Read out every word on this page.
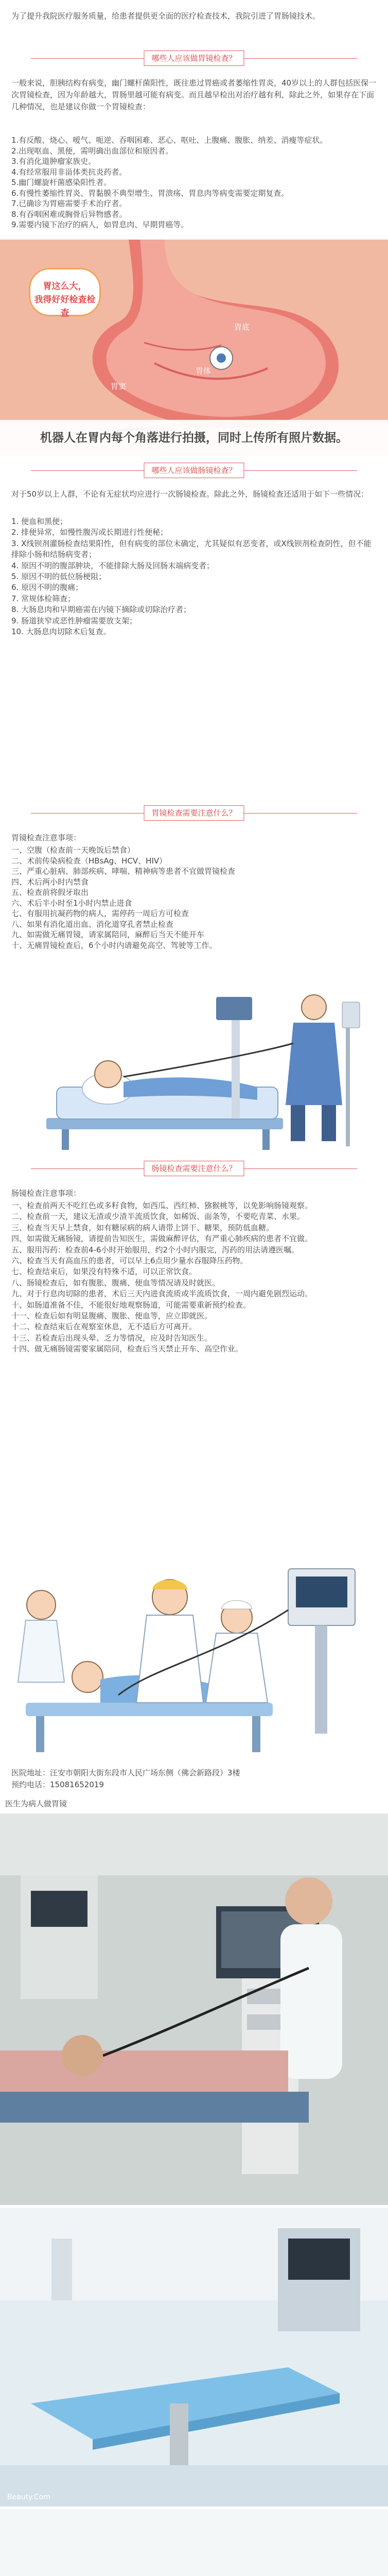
为了提升我院医疗服务质量，给患者提供更全面的医疗检查技术，我院引进了胃肠镜技术。

哪些人应该做胃镜检查？

一般来说，胆胰结构有病变，幽门螺杆菌阳性，既往患过胃癌或者萎缩性胃炎，40岁以上的人群包括医保一次胃镜检查，因为年龄越大，胃肠里越可能有病变。而且越早检出对治疗越有利，除此之外，如果存在下面几种情况，也是建议你做一个胃镜检查：

1.有反酸、烧心、嗳气、呃逆、吞咽困难、恶心、呕吐、上腹痛、腹胀、纳差、消瘦等症状。
2.出现呕血、黑便，需明确出血部位和原因者。
3.有消化道肿瘤家族史。
4.有经常服用非甾体类抗炎药者。
5.幽门螺旋杆菌感染阳性者。
6.有慢性萎缩性胃炎、胃黏膜不典型增生、胃溃疡、胃息肉等病变需要定期复查。
7.已确诊为胃癌需要手术治疗者。
8.有吞咽困难或胸骨后异物感者。
9.需要内镜下治疗的病人，如胃息肉、早期胃癌等。
胃底
胃窦
胃体
胃这么大，
我得好好检查检查
机器人在胃内每个角落进行拍摄，同时上传所有照片数据。
哪些人应该做肠镜检查？

对于50岁以上人群，不论有无症状均应进行一次肠镜检查。除此之外，肠镜检查还适用于如下一些情况：

1. 便血和黑便；
2. 排便异常，如慢性腹泻或长期进行性便秘；
3. X线钡剂灌肠检查结果阳性，但有病变的部位未确定，尤其疑似有恶变者，或X线钡剂检查阴性，但不能排除小肠和结肠病变者；
4. 原因不明的腹部肿块，不能排除大肠及回肠末端病变者；
5. 原因不明的低位肠梗阻；
6. 原因不明的腹痛；
7. 常规体检筛查；
8. 大肠息肉和早期癌需在内镜下摘除或切除治疗者；
9. 肠道狭窄或恶性肿瘤需要放支架；
10. 大肠息肉切除术后复查。
胃镜检查需要注意什么？

胃镜检查注意事项：

一、空腹（检查前一天晚饭后禁食）
二、术前传染病检查（HBsAg、HCV、HIV）
三、严重心脏病、肺部疾病、哮喘、精神病等患者不宜做胃镜检查
四、术后两小时内禁食
五、检查前将假牙取出
六、术后半小时至1小时内禁止进食
七、有服用抗凝药物的病人，需停药一周后方可检查
八、如果有消化道出血、消化道穿孔者禁止检查
九、如需做无痛胃镜，请家属陪同，麻醉后当天不能开车
十、无痛胃镜检查后，6个小时内请避免高空、驾驶等工作。
肠镜检查需要注意什么？

肠镜检查注意事项：

一、检查前两天不吃红色或多籽食物，如西瓜、西红柿、猕猴桃等，以免影响肠镜观察。
二、检查前一天，建议无渣或少渣半流质饮食，如稀饭、面条等，不要吃青菜、水果。
三、检查当天早上禁食，如有糖尿病的病人请带上饼干、糖果，预防低血糖。
四、如需做无痛肠镜，请提前告知医生，需做麻醉评估，有严重心肺疾病的患者不宜做。
五、服用泻药：检查前4-6小时开始服用，约2个小时内服完，泻药的用法请遵医嘱。
六、检查当天有高血压的患者，可以早上6点用少量水吞服降压药物。
七、检查结束后，如果没有特殊不适，可以正常饮食。
八、肠镜检查后，如有腹胀、腹痛、便血等情况请及时就医。
九、对于行息肉切除的患者，术后三天内进食流质或半流质饮食，一周内避免剧烈运动。
十、如肠道准备不佳，不能很好地观察肠道，可能需要重新预约检查。
十一、检查后如有明显腹痛、腹胀、便血等，应立即就医。
十二、检查结束后在观察室休息，无不适后方可离开。
十三、若检查后出现头晕、乏力等情况，应及时告知医生。
十四、做无痛肠镜需要家属陪同，检查后当天禁止开车、高空作业。

医院地址：汪安市朝阳大街东段市人民广场东侧（佛会新路段）3楼

预约电话：15081652019

医生为病人做胃镜

Beauty.Com
